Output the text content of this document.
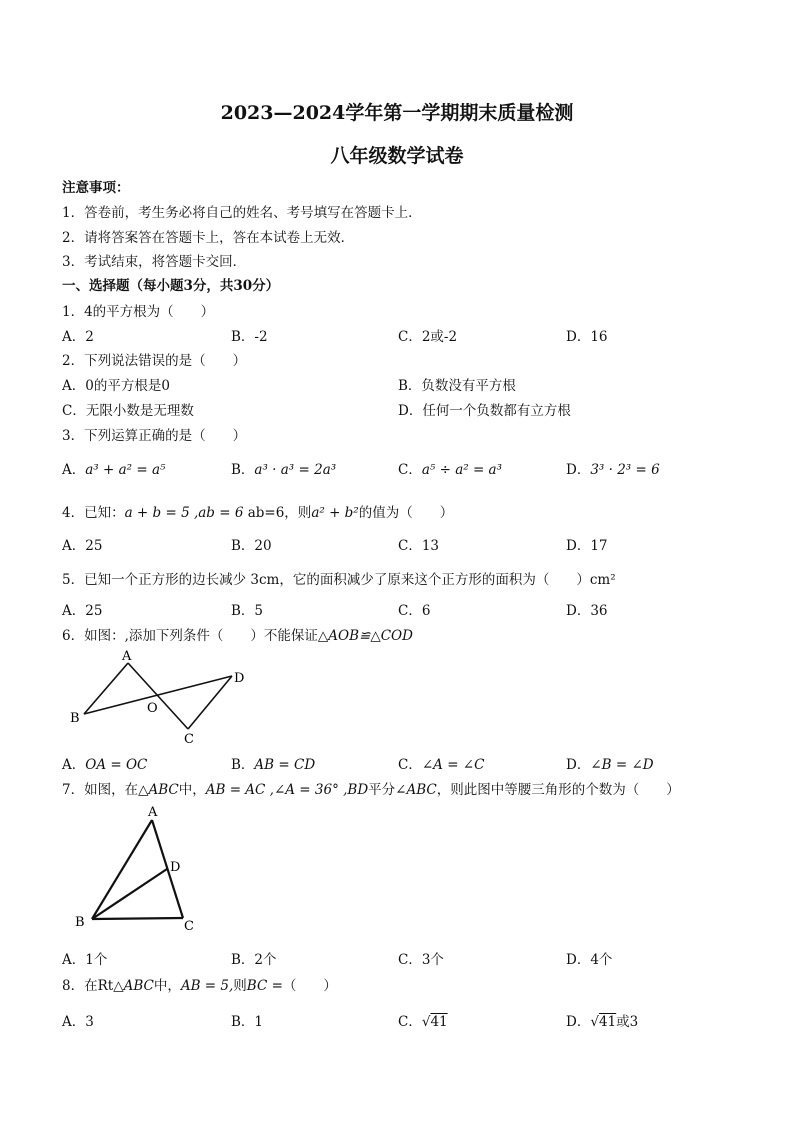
2023—2024学年第一学期期末质量检测
八年级数学试卷
注意事项：
1．答卷前，考生务必将自己的姓名、考号填写在答题卡上．
2．请将答案答在答题卡上，答在本试卷上无效．
3．考试结束，将答题卡交回．
一、选择题（每小题3分，共30分）
1．4的平方根为（　　）
A．2	B．-2	C．2或-2	D．16
2．下列说法错误的是（　　）
A．0的平方根是0	B．负数没有平方根
C．无限小数是无理数	D．任何一个负数都有立方根
3．下列运算正确的是（　　）
A．a³ + a² = a⁵	B．a³ · a³ = 2a³	C．a⁵ ÷ a² = a³	D．3³ · 2³ = 6
4．已知：a + b = 5 ,ab = 6 ab=6，则a² + b²的值为（　　）
A．25	B．20	C．13	D．17
5．已知一个正方形的边长减少 3cm，它的面积减少了原来这个正方形的面积为（　　）cm²
A．25	B．5	C．6	D．36
6．如图：,添加下列条件（　　）不能保证△AOB≌△COD
A
B
O
C
D
A．OA = OC	B．AB = CD	C．∠A = ∠C	D．∠B = ∠D
7．如图，在△ABC中，AB = AC ,∠A = 36° ,BD平分∠ABC，则此图中等腰三角形的个数为（　　）
A
B	C
D
A．1个	B．2个	C．3个	D．4个
8．在Rt△ABC中，AB = 5,则BC =（　　）
A．3	B．1	C．√41	D．√41或3
